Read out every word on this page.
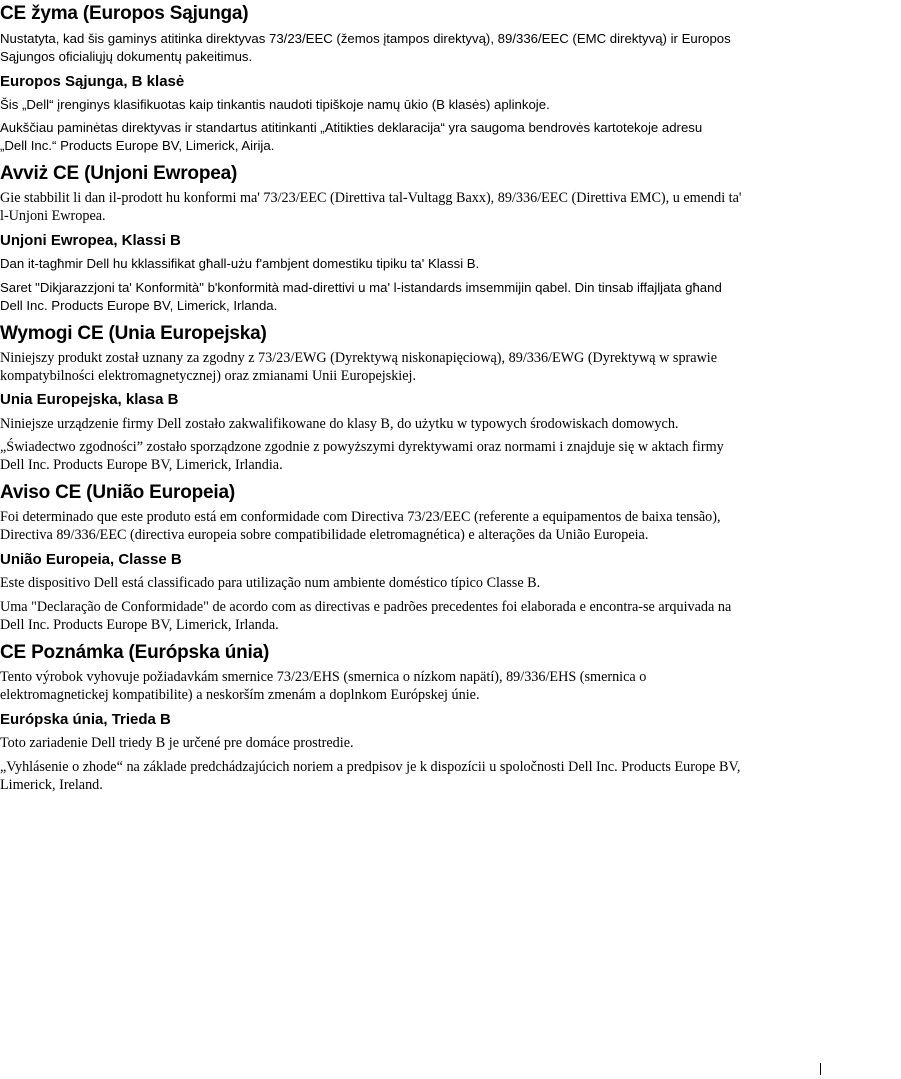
CE žyma (Europos Sąjunga)

Nustatyta, kad šis gaminys atitinka direktyvas 73/23/EEC (žemos įtampos direktyvą), 89/336/EEC (EMC direktyvą) ir Europos
Sąjungos oficialiųjų dokumentų pakeitimus.

Europos Sąjunga, B klasė

Šis „Dell“ įrenginys klasifikuotas kaip tinkantis naudoti tipiškoje namų ūkio (B klasės) aplinkoje.

Aukščiau paminėtas direktyvas ir standartus atitinkanti „Atitikties deklaracija“ yra saugoma bendrovės kartotekoje adresu
„Dell Inc.“ Products Europe BV, Limerick, Airija.

Avviż CE (Unjoni Ewropea)

Gie stabbilit li dan il-prodott hu konformi ma' 73/23/EEC (Direttiva tal-Vultagg Baxx), 89/336/EEC (Direttiva EMC), u emendi ta'
l-Unjoni Ewropea.

Unjoni Ewropea, Klassi B

Dan it-tagħmir Dell hu kklassifikat għall-użu f'ambjent domestiku tipiku ta' Klassi B.

Saret "Dikjarazzjoni ta' Konformità" b'konformità mad-direttivi u ma' l-istandards imsemmijin qabel. Din tinsab iffajljata għand
Dell Inc. Products Europe BV, Limerick, Irlanda.

Wymogi CE (Unia Europejska)

Niniejszy produkt został uznany za zgodny z 73/23/EWG (Dyrektywą niskonapięciową), 89/336/EWG (Dyrektywą w sprawie
kompatybilności elektromagnetycznej) oraz zmianami Unii Europejskiej.

Unia Europejska, klasa B

Niniejsze urządzenie firmy Dell zostało zakwalifikowane do klasy B, do użytku w typowych środowiskach domowych.

„Świadectwo zgodności” zostało sporządzone zgodnie z powyższymi dyrektywami oraz normami i znajduje się w aktach firmy
Dell Inc. Products Europe BV, Limerick, Irlandia.

Aviso CE (União Europeia)

Foi determinado que este produto está em conformidade com Directiva 73/23/EEC (referente a equipamentos de baixa tensão),
Directiva 89/336/EEC (directiva europeia sobre compatibilidade eletromagnética) e alterações da União Europeia.

União Europeia, Classe B

Este dispositivo Dell está classificado para utilização num ambiente doméstico típico Classe B.

Uma "Declaração de Conformidade" de acordo com as directivas e padrões precedentes foi elaborada e encontra-se arquivada na
Dell Inc. Products Europe BV, Limerick, Irlanda.

CE Poznámka (Európska únia)

Tento výrobok vyhovuje požiadavkám smernice 73/23/EHS (smernica o nízkom napätí), 89/336/EHS (smernica o
elektromagnetickej kompatibilite) a neskorším zmenám a doplnkom Európskej únie.

Európska únia, Trieda B

Toto zariadenie Dell triedy B je určené pre domáce prostredie.

„Vyhlásenie o zhode“ na základe predchádzajúcich noriem a predpisov je k dispozícii u spoločnosti Dell Inc. Products Europe BV,
Limerick, Ireland.
